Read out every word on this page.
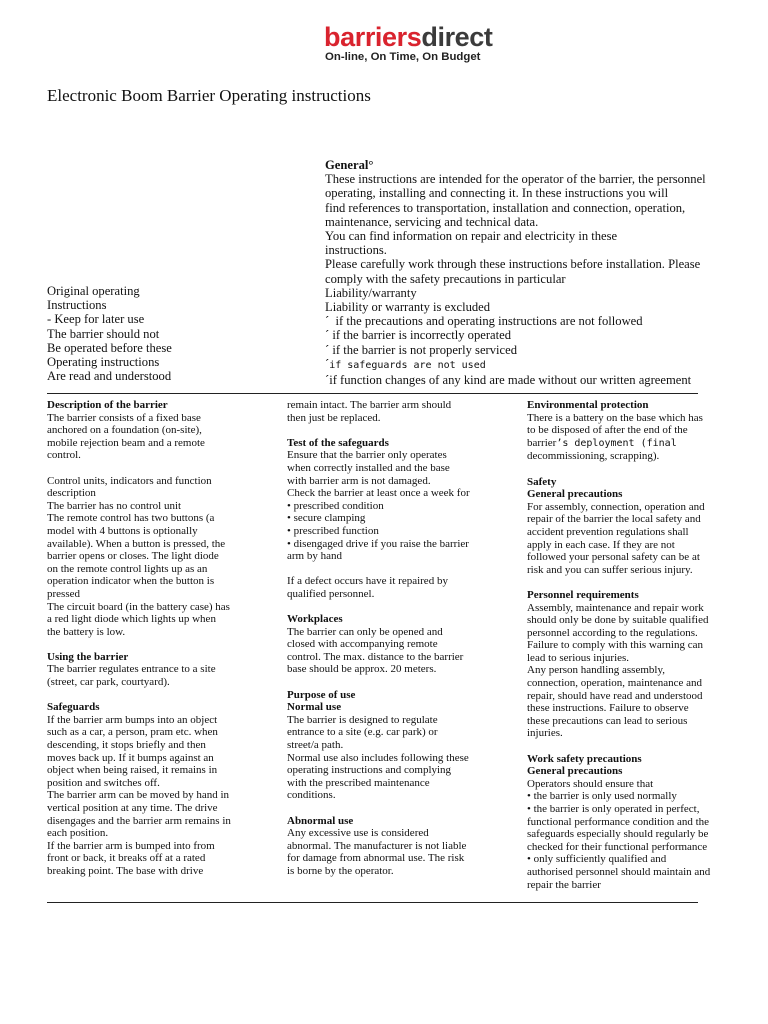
barriersdirect
On-line, On Time, On Budget
Electronic Boom Barrier Operating instructions
General°
These instructions are intended for the operator of the barrier, the personnel
operating, installing and connecting it. In these instructions you will
find references to transportation, installation and connection, operation,
maintenance, servicing and technical data.
You can find information on repair and electricity in these
instructions.
Please carefully work through these instructions before installation. Please
comply with the safety precautions in particular
Liability/warranty
Liability or warranty is excluded
´ if the precautions and operating instructions are not followed
´ if the barrier is incorrectly operated
´ if the barrier is not properly serviced
´if safeguards are not used
´if function changes of any kind are made without our written agreement
Original operating
Instructions
- Keep for later use
The barrier should not
Be operated before these
Operating instructions
Are read and understood
Description of the barrier
The barrier consists of a fixed base
anchored on a foundation (on-site),
mobile rejection beam and a remote
control.
Control units, indicators and function
description
The barrier has no control unit
The remote control has two buttons (a
model with 4 buttons is optionally
available). When a button is pressed, the
barrier opens or closes. The light diode
on the remote control lights up as an
operation indicator when the button is
pressed
The circuit board (in the battery case) has
a red light diode which lights up when
the battery is low.
Using the barrier
The barrier regulates entrance to a site
(street, car park, courtyard).
Safeguards
If the barrier arm bumps into an object
such as a car, a person, pram etc. when
descending, it stops briefly and then
moves back up. If it bumps against an
object when being raised, it remains in
position and switches off.
The barrier arm can be moved by hand in
vertical position at any time. The drive
disengages and the barrier arm remains in
each position.
If the barrier arm is bumped into from
front or back, it breaks off at a rated
breaking point. The base with drive
remain intact. The barrier arm should
then just be replaced.
Test of the safeguards
Ensure that the barrier only operates
when correctly installed and the base
with barrier arm is not damaged.
Check the barrier at least once a week for
• prescribed condition
• secure clamping
• prescribed function
• disengaged drive if you raise the barrier
arm by hand
If a defect occurs have it repaired by
qualified personnel.
Workplaces
The barrier can only be opened and
closed with accompanying remote
control. The max. distance to the barrier
base should be approx. 20 meters.
Purpose of use
Normal use
The barrier is designed to regulate
entrance to a site (e.g. car park) or
street/a path.
Normal use also includes following these
operating instructions and complying
with the prescribed maintenance
conditions.
Abnormal use
Any excessive use is considered
abnormal. The manufacturer is not liable
for damage from abnormal use. The risk
is borne by the operator.
Environmental protection
There is a battery on the base which has
to be disposed of after the end of the
barrier’s deployment (final
decommissioning, scrapping).
Safety
General precautions
For assembly, connection, operation and
repair of the barrier the local safety and
accident prevention regulations shall
apply in each case. If they are not
followed your personal safety can be at
risk and you can suffer serious injury.
Personnel requirements
Assembly, maintenance and repair work
should only be done by suitable qualified
personnel according to the regulations.
Failure to comply with this warning can
lead to serious injuries.
Any person handling assembly,
connection, operation, maintenance and
repair, should have read and understood
these instructions. Failure to observe
these precautions can lead to serious
injuries.
Work safety precautions
General precautions
Operators should ensure that
• the barrier is only used normally
• the barrier is only operated in perfect,
functional performance condition and the
safeguards especially should regularly be
checked for their functional performance
• only sufficiently qualified and
authorised personnel should maintain and
repair the barrier
